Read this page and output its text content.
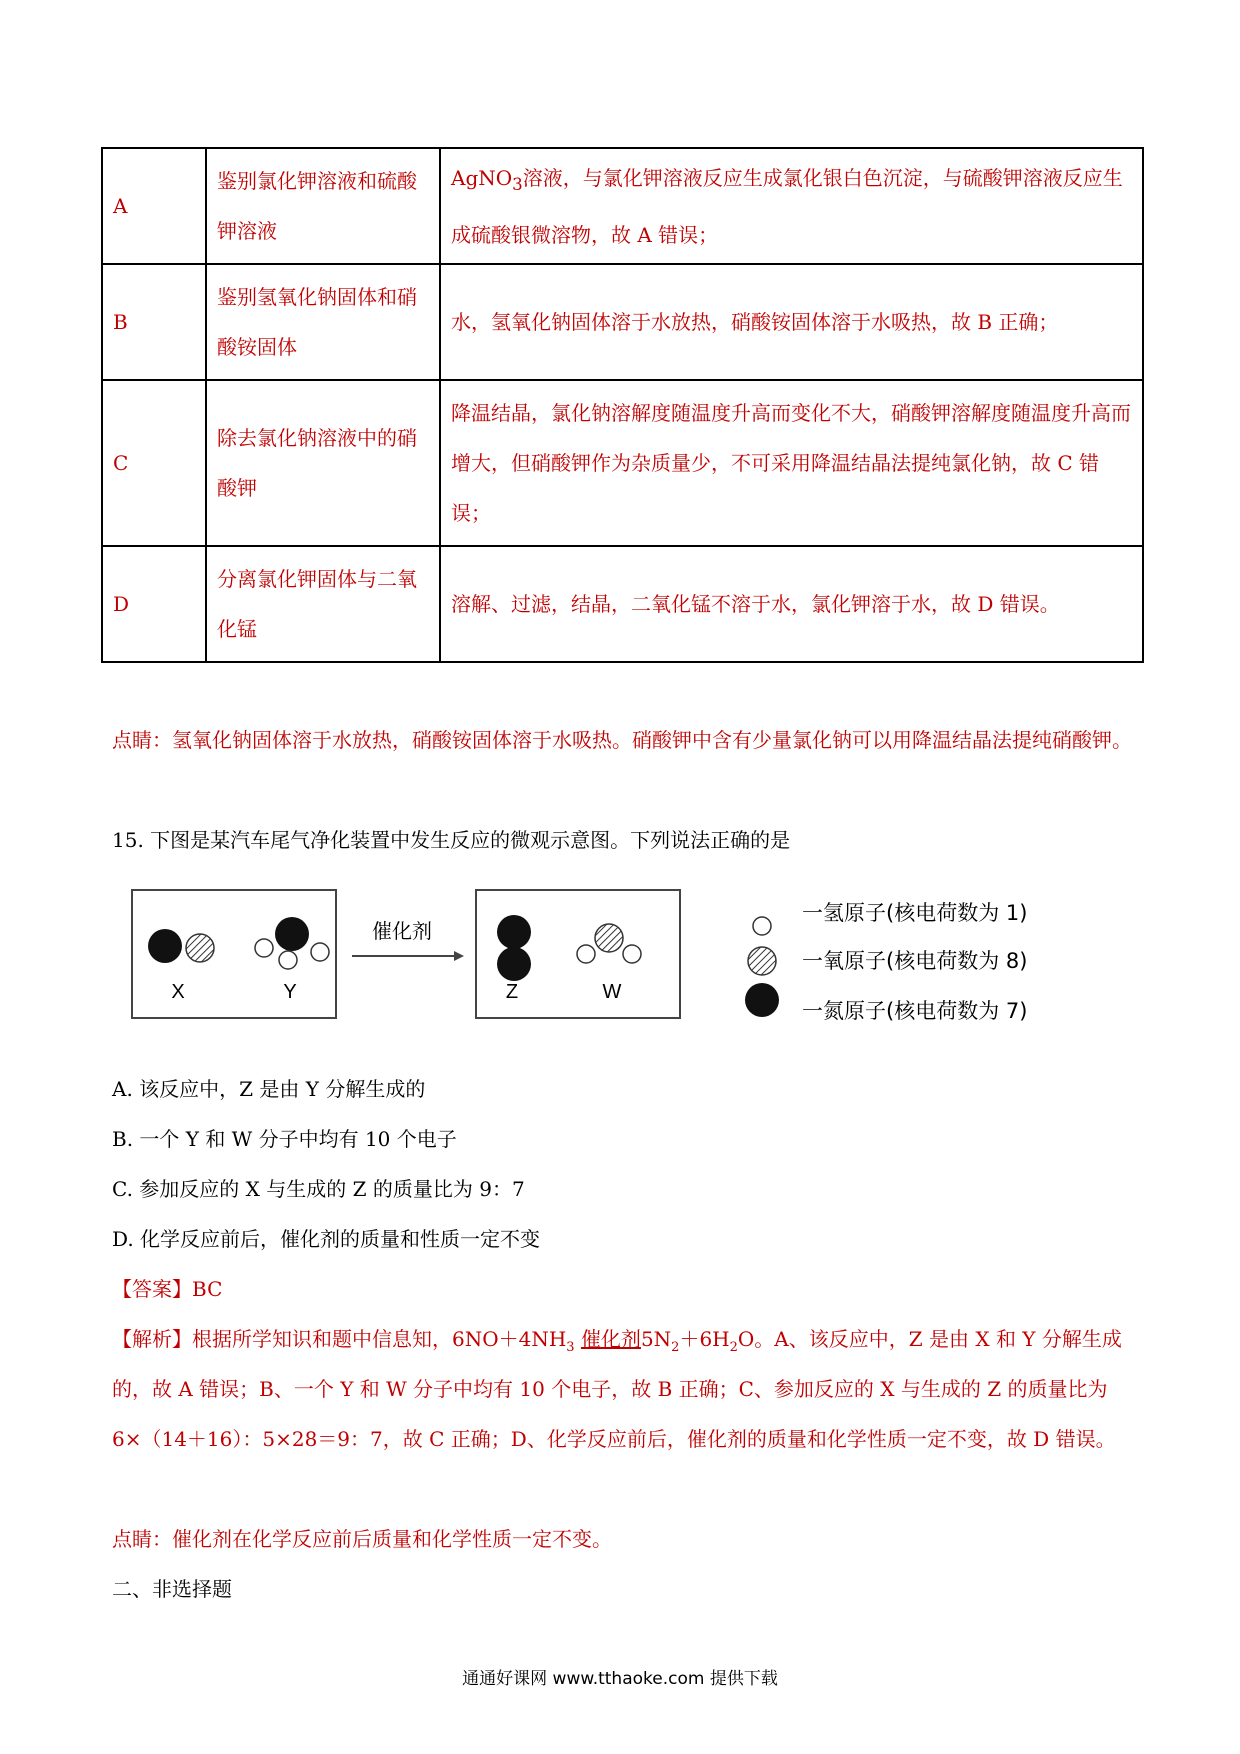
A	鉴别氯化钾溶液和硫酸钾溶液	AgNO$_3$溶液，与氯化钾溶液反应生成氯化银白色沉淀，与硫酸钾溶液反应生成硫酸银微溶物，故 A 错误；
B	鉴别氢氧化钠固体和硝酸铵固体	水，氢氧化钠固体溶于水放热，硝酸铵固体溶于水吸热，故 B 正确；
C	除去氯化钠溶液中的硝酸钾	降温结晶，氯化钠溶解度随温度升高而变化不大，硝酸钾溶解度随温度升高而增大，但硝酸钾作为杂质量少，不可采用降温结晶法提纯氯化钠，故 C 错误；
D	分离氯化钾固体与二氧化锰	溶解、过滤，结晶，二氧化锰不溶于水，氯化钾溶于水，故 D 错误。
点睛：氢氧化钠固体溶于水放热，硝酸铵固体溶于水吸热。硝酸钾中含有少量氯化钠可以用降温结晶法提纯硝酸钾。
15. 下图是某汽车尾气净化装置中发生反应的微观示意图。下列说法正确的是
X	Y
催化剂
Z	W
一氢原子(核电荷数为 1)
一氧原子(核电荷数为 8)
一氮原子(核电荷数为 7)
A. 该反应中，Z 是由 Y 分解生成的
B. 一个 Y 和 W 分子中均有 10 个电子
C. 参加反应的 X 与生成的 Z 的质量比为 9：7
D. 化学反应前后，催化剂的质量和性质一定不变
【答案】BC
【解析】根据所学知识和题中信息知，$6NO+4NH_3$ 催化剂$5N_2+6H_2O$。A、该反应中，Z 是由 X 和 Y 分解生成的，故 A 错误；B、一个 Y 和 W 分子中均有 10 个电子，故 B 正确；C、参加反应的 X 与生成的 Z 的质量比为 6×（14＋16）：5×28＝9：7，故 C 正确；D、化学反应前后，催化剂的质量和化学性质一定不变，故 D 错误。
点睛：催化剂在化学反应前后质量和化学性质一定不变。
二、非选择题
通通好课网 www.tthaoke.com 提供下载
